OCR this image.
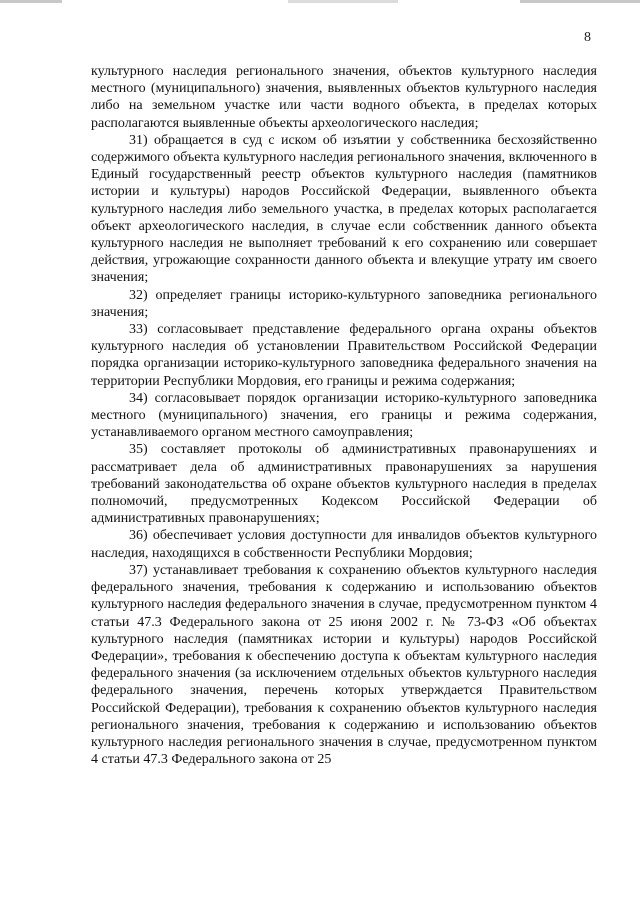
8

культурного наследия регионального значения, объектов культурного наследия местного (муниципального) значения, выявленных объектов культурного наследия либо на земельном участке или части водного объекта, в пределах которых располагаются выявленные объекты археологического наследия;

31) обращается в суд с иском об изъятии у собственника бесхозяйственно содержимого объекта культурного наследия регионального значения, включенного в Единый государственный реестр объектов культурного наследия (памятников истории и культуры) народов Российской Федерации, выявленного объекта культурного наследия либо земельного участка, в пределах которых располагается объект археологического наследия, в случае если собственник данного объекта культурного наследия не выполняет требований к его сохранению или совершает действия, угрожающие сохранности данного объекта и влекущие утрату им своего значения;

32) определяет границы историко-культурного заповедника регионального значения;

33) согласовывает представление федерального органа охраны объектов культурного наследия об установлении Правительством Российской Федерации порядка организации историко-культурного заповедника федерального значения на территории Республики Мордовия, его границы и режима содержания;

34) согласовывает порядок организации историко-культурного заповедника местного (муниципального) значения, его границы и режима содержания, устанавливаемого органом местного самоуправления;

35) составляет протоколы об административных правонарушениях и рассматривает дела об административных правонарушениях за нарушения требований законодательства об охране объектов культурного наследия в пределах полномочий, предусмотренных Кодексом Российской Федерации об административных правонарушениях;

36) обеспечивает условия доступности для инвалидов объектов культурного наследия, находящихся в собственности Республики Мордовия;

37) устанавливает требования к сохранению объектов культурного наследия федерального значения, требования к содержанию и использованию объектов культурного наследия федерального значения в случае, предусмотренном пунктом 4 статьи 47.3 Федерального закона от 25 июня 2002 г. № 73-ФЗ «Об объектах культурного наследия (памятниках истории и культуры) народов Российской Федерации», требования к обеспечению доступа к объектам культурного наследия федерального значения (за исключением отдельных объектов культурного наследия федерального значения, перечень которых утверждается Правительством Российской Федерации), требования к сохранению объектов культурного наследия регионального значения, требования к содержанию и использованию объектов культурного наследия регионального значения в случае, предусмотренном пунктом 4 статьи 47.3 Федерального закона от 25
